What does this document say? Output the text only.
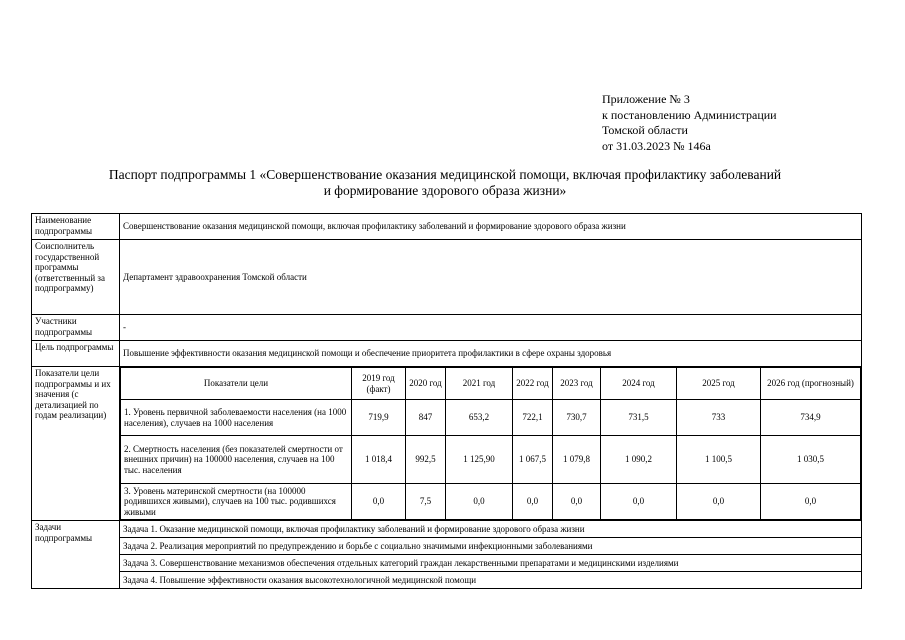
Приложение № 3
к постановлению Администрации
Томской области
от 31.03.2023 № 146а
Паспорт подпрограммы 1 «Совершенствование оказания медицинской помощи, включая профилактику заболеваний
и формирование здорового образа жизни»
Наименование подпрограммы	Совершенствование оказания медицинской помощи, включая профилактику заболеваний и формирование здорового образа жизни
Соисполнитель государственной программы (ответственный за подпрограмму)	Департамент здравоохранения Томской области
Участники подпрограммы	-
Цель подпрограммы	Повышение эффективности оказания медицинской помощи и обеспечение приоритета профилактики в сфере охраны здоровья
Показатели цели подпрограммы и их значения (с детализацией по годам реализации)	
Показатели цели	2019 год (факт)	2020 год	2021 год	2022 год	2023 год	2024 год	2025 год	2026 год (прогнозный)
1. Уровень первичной заболеваемости населения (на 1000 населения), случаев на 1000 населения	719,9	847	653,2	722,1	730,7	731,5	733	734,9
2. Смертность населения (без показателей смертности от внешних причин) на 100000 населения, случаев на 100 тыс. населения	1 018,4	992,5	1 125,90	1 067,5	1 079,8	1 090,2	1 100,5	1 030,5
3. Уровень материнской смертности (на 100000 родившихся живыми), случаев на 100 тыс. родившихся живыми	0,0	7,5	0,0	0,0	0,0	0,0	0,0	0,0

Задачи подпрограммы	Задача 1. Оказание медицинской помощи, включая профилактику заболеваний и формирование здорового образа жизни
Задача 2. Реализация мероприятий по предупреждению и борьбе с социально значимыми инфекционными заболеваниями
Задача 3. Совершенствование механизмов обеспечения отдельных категорий граждан лекарственными препаратами и медицинскими изделиями
Задача 4. Повышение эффективности оказания высокотехнологичной медицинской помощи
